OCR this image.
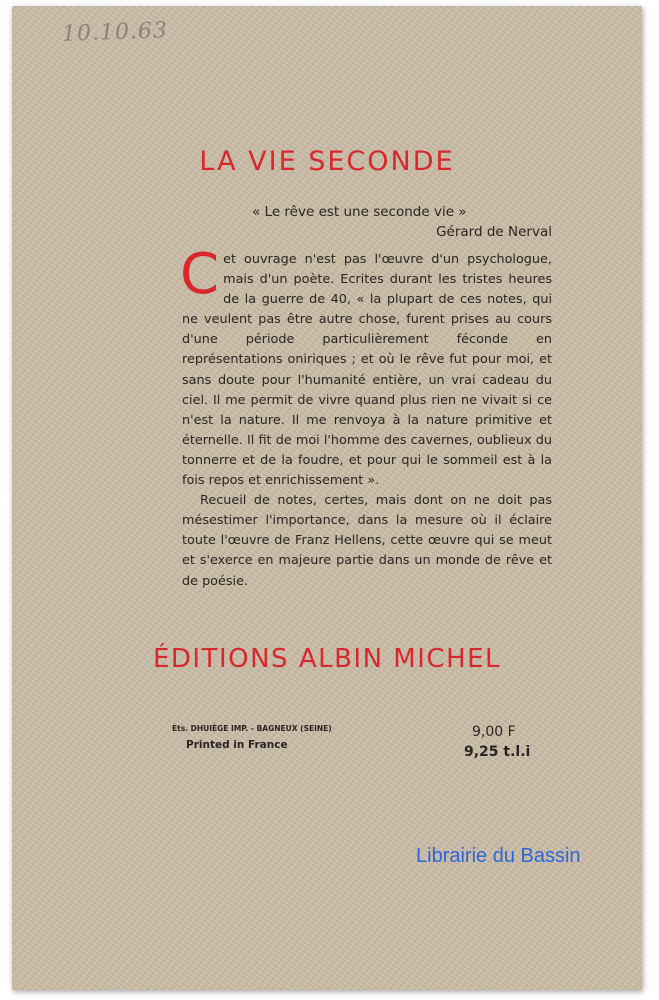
10.10.63
LA VIE SECONDE
« Le rêve est une seconde vie »
Gérard de Nerval

Cet ouvrage n'est pas l'œuvre d'un psychologue, mais d'un poète. Ecrites durant les tristes heures de la guerre de 40, « la plupart de ces notes, qui ne veulent pas être autre chose, furent prises au cours d'une période particulièrement féconde en représentations oniriques ; et où le rêve fut pour moi, et sans doute pour l'humanité entière, un vrai cadeau du ciel. Il me permit de vivre quand plus rien ne vivait si ce n'est la nature. Il me renvoya à la nature primitive et éternelle. Il fit de moi l'homme des cavernes, oublieux du tonnerre et de la foudre, et pour qui le sommeil est à la fois repos et enrichissement ».

Recueil de notes, certes, mais dont on ne doit pas mésestimer l'importance, dans la mesure où il éclaire toute l'œuvre de Franz Hellens, cette œuvre qui se meut et s'exerce en majeure partie dans un monde de rêve et de poésie.

ÉDITIONS ALBIN MICHEL
Ets. DHUIÈGE IMP. - BAGNEUX (SEINE)
Printed in France
9,00 F
9,25 t.l.i
Librairie du Bassin
